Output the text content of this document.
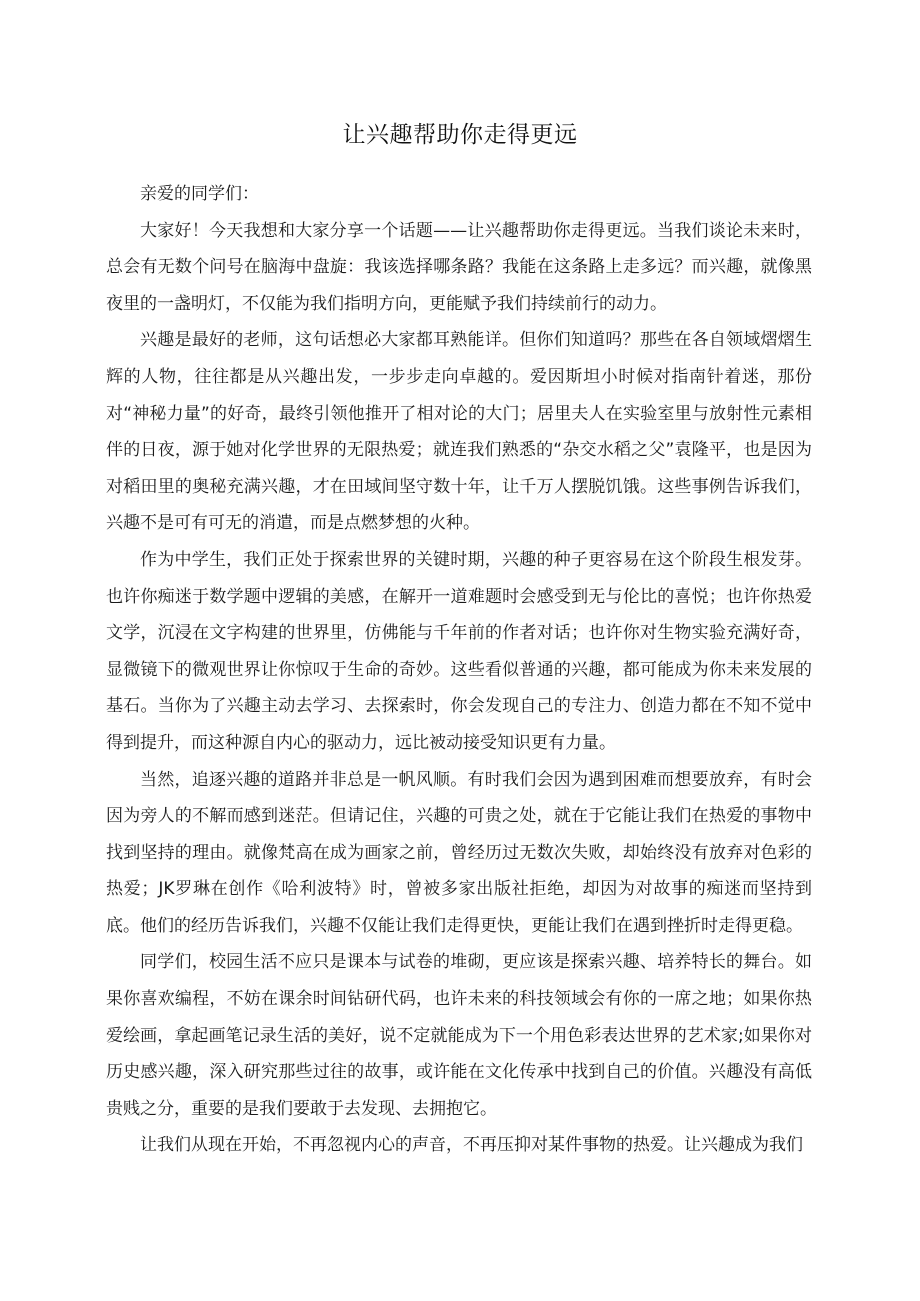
让兴趣帮助你走得更远

亲爱的同学们：

大家好！今天我想和大家分享一个话题——让兴趣帮助你走得更远。当我们谈论未来时，总会有无数个问号在脑海中盘旋：我该选择哪条路？我能在这条路上走多远？而兴趣，就像黑夜里的一盏明灯，不仅能为我们指明方向，更能赋予我们持续前行的动力。

兴趣是最好的老师，这句话想必大家都耳熟能详。但你们知道吗？那些在各自领域熠熠生辉的人物，往往都是从兴趣出发，一步步走向卓越的。爱因斯坦小时候对指南针着迷，那份对“神秘力量”的好奇，最终引领他推开了相对论的大门；居里夫人在实验室里与放射性元素相伴的日夜，源于她对化学世界的无限热爱；就连我们熟悉的“杂交水稻之父”袁隆平，也是因为对稻田里的奥秘充满兴趣，才在田域间坚守数十年，让千万人摆脱饥饿。这些事例告诉我们，兴趣不是可有可无的消遣，而是点燃梦想的火种。

作为中学生，我们正处于探索世界的关键时期，兴趣的种子更容易在这个阶段生根发芽。也许你痴迷于数学题中逻辑的美感，在解开一道难题时会感受到无与伦比的喜悦；也许你热爱文学，沉浸在文字构建的世界里，仿佛能与千年前的作者对话；也许你对生物实验充满好奇，显微镜下的微观世界让你惊叹于生命的奇妙。这些看似普通的兴趣，都可能成为你未来发展的基石。当你为了兴趣主动去学习、去探索时，你会发现自己的专注力、创造力都在不知不觉中得到提升，而这种源自内心的驱动力，远比被动接受知识更有力量。

当然，追逐兴趣的道路并非总是一帆风顺。有时我们会因为遇到困难而想要放弃，有时会因为旁人的不解而感到迷茫。但请记住，兴趣的可贵之处，就在于它能让我们在热爱的事物中找到坚持的理由。就像梵高在成为画家之前，曾经历过无数次失败，却始终没有放弃对色彩的热爱；JK罗琳在创作《哈利波特》时，曾被多家出版社拒绝，却因为对故事的痴迷而坚持到底。他们的经历告诉我们，兴趣不仅能让我们走得更快，更能让我们在遇到挫折时走得更稳。

同学们，校园生活不应只是课本与试卷的堆砌，更应该是探索兴趣、培养特长的舞台。如果你喜欢编程，不妨在课余时间钻研代码，也许未来的科技领域会有你的一席之地；如果你热爱绘画，拿起画笔记录生活的美好，说不定就能成为下一个用色彩表达世界的艺术家;如果你对历史感兴趣，深入研究那些过往的故事，或许能在文化传承中找到自己的价值。兴趣没有高低贵贱之分，重要的是我们要敢于去发现、去拥抱它。

让我们从现在开始，不再忽视内心的声音，不再压抑对某件事物的热爱。让兴趣成为我们
